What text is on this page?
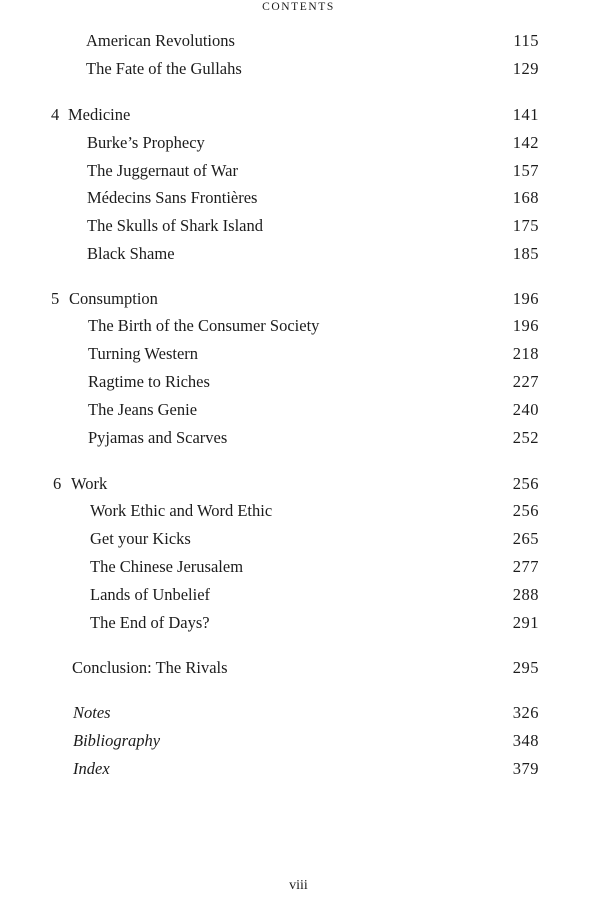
CONTENTS
American Revolutions	115
The Fate of the Gullahs	129
4 Medicine	141
Burke’s Prophecy	142
The Juggernaut of War	157
Médecins Sans Frontières	168
The Skulls of Shark Island	175
Black Shame	185
5 Consumption	196
The Birth of the Consumer Society	196
Turning Western	218
Ragtime to Riches	227
The Jeans Genie	240
Pyjamas and Scarves	252
6 Work	256
Work Ethic and Word Ethic	256
Get your Kicks	265
The Chinese Jerusalem	277
Lands of Unbelief	288
The End of Days?	291
Conclusion: The Rivals	295
Notes	326
Bibliography	348
Index	379
viii
